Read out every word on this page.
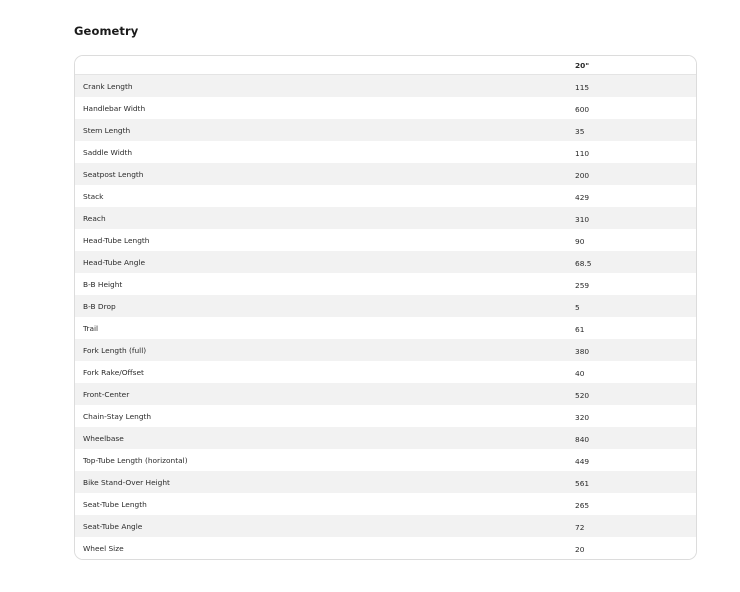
Geometry
20"
Crank Length	115
Handlebar Width	600
Stem Length	35
Saddle Width	110
Seatpost Length	200
Stack	429
Reach	310
Head-Tube Length	90
Head-Tube Angle	68.5
B-B Height	259
B-B Drop	5
Trail	61
Fork Length (full)	380
Fork Rake/Offset	40
Front-Center	520
Chain-Stay Length	320
Wheelbase	840
Top-Tube Length (horizontal)	449
Bike Stand-Over Height	561
Seat-Tube Length	265
Seat-Tube Angle	72
Wheel Size	20
